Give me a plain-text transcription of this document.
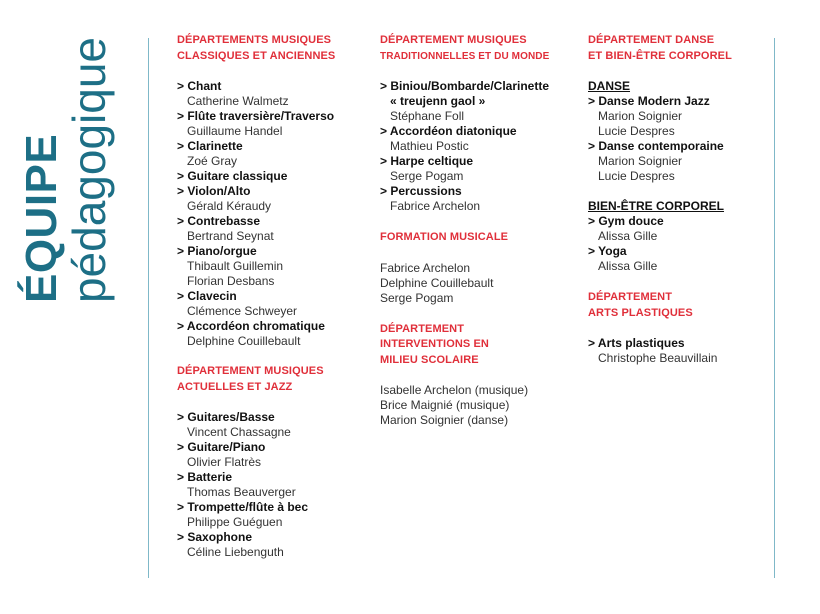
ÉQUIPE
pédagogique	DÉPARTEMENTS MUSIQUES
CLASSIQUES ET ANCIENNES
> Chant
Catherine Walmetz
> Flûte traversière/Traverso
Guillaume Handel
> Clarinette
Zoé Gray
> Guitare classique
> Violon/Alto
Gérald Kéraudy
> Contrebasse
Bertrand Seynat
> Piano/orgue
Thibault Guillemin
Florian Desbans
> Clavecin
Clémence Schweyer
> Accordéon chromatique
Delphine Couillebault
DÉPARTEMENT MUSIQUES
ACTUELLES ET JAZZ
> Guitares/Basse
Vincent Chassagne
> Guitare/Piano
Olivier Flatrès
> Batterie
Thomas Beauverger
> Trompette/flûte à bec
Philippe Guéguen
> Saxophone
Céline Liebenguth
DÉPARTEMENT MUSIQUES
TRADITIONNELLES ET DU MONDE
> Biniou/Bombarde/Clarinette
« treujenn gaol »
Stéphane Foll
> Accordéon diatonique
Mathieu Postic
> Harpe celtique
Serge Pogam
> Percussions
Fabrice Archelon
FORMATION MUSICALE
Fabrice Archelon
Delphine Couillebault
Serge Pogam
DÉPARTEMENT
INTERVENTIONS EN
MILIEU SCOLAIRE
Isabelle Archelon (musique)
Brice Maignié (musique)
Marion Soignier (danse)
DÉPARTEMENT DANSE
ET BIEN-ÊTRE CORPOREL
DANSE
> Danse Modern Jazz
Marion Soignier
Lucie Despres
> Danse contemporaine
Marion Soignier
Lucie Despres
BIEN-ÊTRE CORPOREL
> Gym douce
Alissa Gille
> Yoga
Alissa Gille
DÉPARTEMENT
ARTS PLASTIQUES
> Arts plastiques
Christophe Beauvillain
